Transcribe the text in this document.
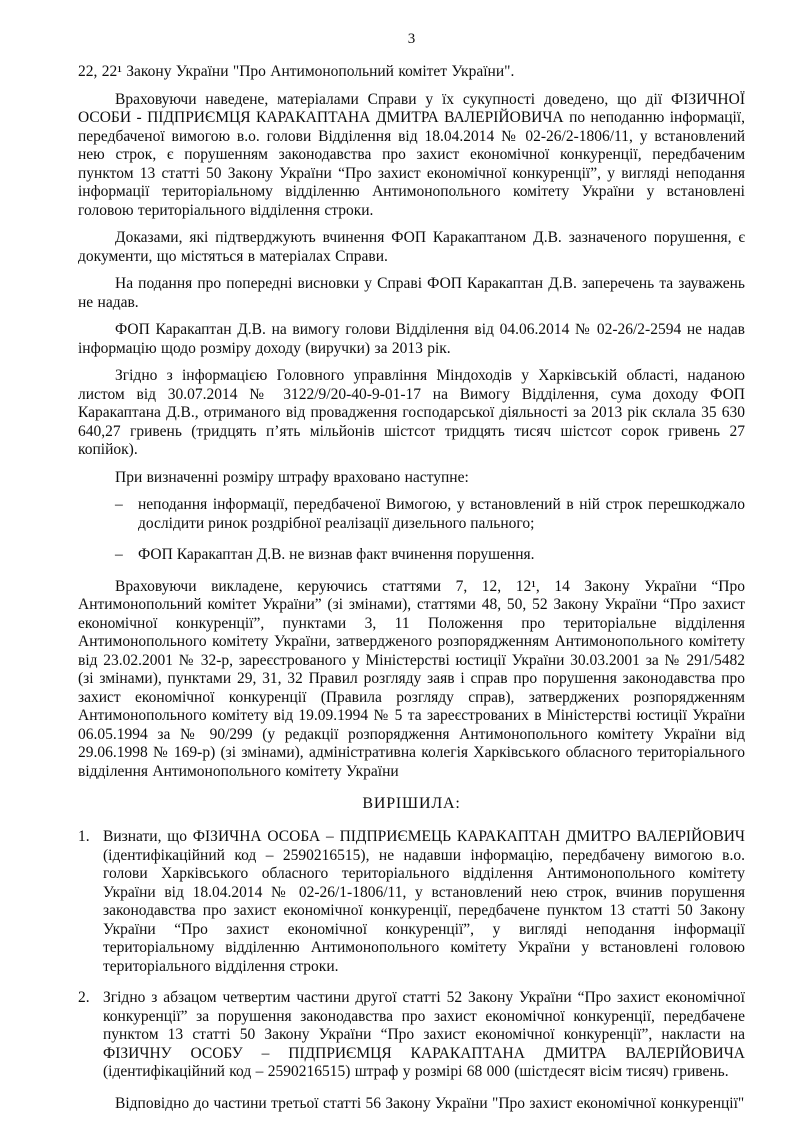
3

22, 22¹ Закону України "Про Антимонопольний комітет України".

Враховуючи наведене, матеріалами Справи у їх сукупності доведено, що дії ФІЗИЧНОЇ ОСОБИ - ПІДПРИЄМЦЯ КАРАКАПТАНА ДМИТРА ВАЛЕРІЙОВИЧА по неподанню інформації, передбаченої вимогою в.о. голови Відділення від 18.04.2014 № 02-26/2-1806/11, у встановлений нею строк, є порушенням законодавства про захист економічної конкуренції, передбаченим пунктом 13 статті 50 Закону України “Про захист економічної конкуренції”, у вигляді неподання інформації територіальному відділенню Антимонопольного комітету України у встановлені головою територіального відділення строки.

Доказами, які підтверджують вчинення ФОП Каракаптаном Д.В. зазначеного порушення, є документи, що містяться в матеріалах Справи.

На подання про попередні висновки у Справі ФОП Каракаптан Д.В. заперечень та зауважень не надав.

ФОП Каракаптан Д.В. на вимогу голови Відділення від 04.06.2014 № 02-26/2-2594 не надав інформацію щодо розміру доходу (виручки) за 2013 рік.

Згідно з інформацією Головного управління Міндоходів у Харківській області, наданою листом від 30.07.2014 № 3122/9/20-40-9-01-17 на Вимогу Відділення, сума доходу ФОП Каракаптана Д.В., отриманого від провадження господарської діяльності за 2013 рік склала 35 630 640,27 гривень (тридцять п’ять мільйонів шістсот тридцять тисяч шістсот сорок гривень 27 копійок).

При визначенні розміру штрафу враховано наступне:

– неподання інформації, передбаченої Вимогою, у встановлений в ній строк перешкоджало дослідити ринок роздрібної реалізації дизельного пального;
– ФОП Каракаптан Д.В. не визнав факт вчинення порушення.

Враховуючи викладене, керуючись статтями 7, 12, 12¹, 14 Закону України “Про Антимонопольний комітет України” (зі змінами), статтями 48, 50, 52 Закону України “Про захист економічної конкуренції”, пунктами 3, 11 Положення про територіальне відділення Антимонопольного комітету України, затвердженого розпорядженням Антимонопольного комітету від 23.02.2001 № 32-р, зареєстрованого у Міністерстві юстиції України 30.03.2001 за № 291/5482 (зі змінами), пунктами 29, 31, 32 Правил розгляду заяв і справ про порушення законодавства про захист економічної конкуренції (Правила розгляду справ), затверджених розпорядженням Антимонопольного комітету від 19.09.1994 № 5 та зареєстрованих в Міністерстві юстиції України 06.05.1994 за № 90/299 (у редакції розпорядження Антимонопольного комітету України від 29.06.1998 № 169-р) (зі змінами), адміністративна колегія Харківського обласного територіального відділення Антимонопольного комітету України

ВИРІШИЛА:
1. Визнати, що ФІЗИЧНА ОСОБА – ПІДПРИЄМЕЦЬ КАРАКАПТАН ДМИТРО ВАЛЕРІЙОВИЧ (ідентифікаційний код – 2590216515), не надавши інформацію, передбачену вимогою в.о. голови Харківського обласного територіального відділення Антимонопольного комітету України від 18.04.2014 № 02-26/1-1806/11, у встановлений нею строк, вчинив порушення законодавства про захист економічної конкуренції, передбачене пунктом 13 статті 50 Закону України “Про захист економічної конкуренції”, у вигляді неподання інформації територіальному відділенню Антимонопольного комітету України у встановлені головою територіального відділення строки.
2. Згідно з абзацом четвертим частини другої статті 52 Закону України “Про захист економічної конкуренції” за порушення законодавства про захист економічної конкуренції, передбачене пунктом 13 статті 50 Закону України “Про захист економічної конкуренції”, накласти на ФІЗИЧНУ ОСОБУ – ПІДПРИЄМЦЯ КАРАКАПТАНА ДМИТРА ВАЛЕРІЙОВИЧА (ідентифікаційний код – 2590216515) штраф у розмірі 68 000 (шістдесят вісім тисяч) гривень.

Відповідно до частини третьої статті 56 Закону України "Про захист економічної конкуренції"
